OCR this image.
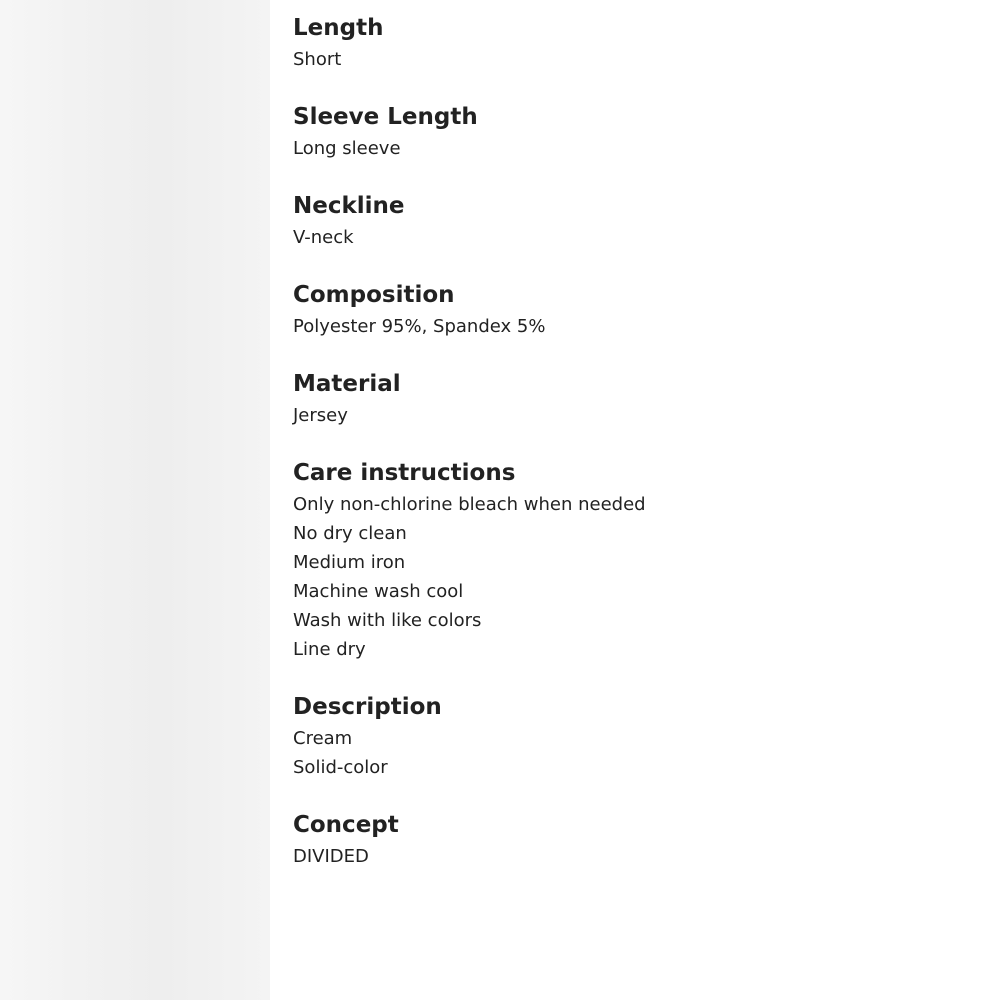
Length
Short
Sleeve Length
Long sleeve
Neckline
V-neck
Composition
Polyester 95%, Spandex 5%
Material
Jersey
Care instructions
Only non-chlorine bleach when needed
No dry clean
Medium iron
Machine wash cool
Wash with like colors
Line dry
Description
Cream
Solid-color
Concept
DIVIDED
